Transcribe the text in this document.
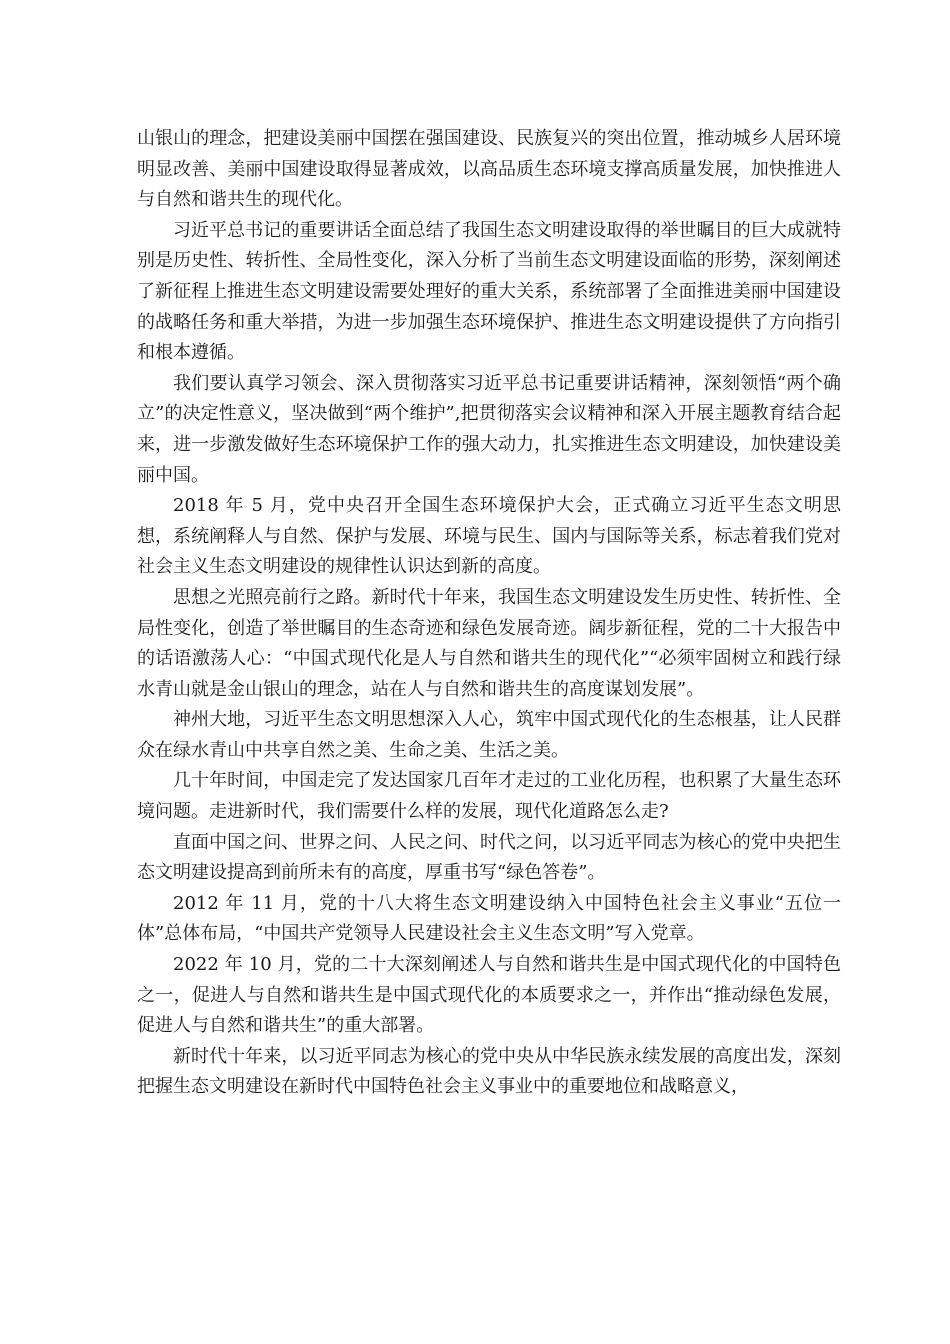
山银山的理念，把建设美丽中国摆在强国建设、民族复兴的突出位置，推动城乡人居环境明显改善、美丽中国建设取得显著成效，以高品质生态环境支撑高质量发展，加快推进人与自然和谐共生的现代化。

习近平总书记的重要讲话全面总结了我国生态文明建设取得的举世瞩目的巨大成就特别是历史性、转折性、全局性变化，深入分析了当前生态文明建设面临的形势，深刻阐述了新征程上推进生态文明建设需要处理好的重大关系，系统部署了全面推进美丽中国建设的战略任务和重大举措，为进一步加强生态环境保护、推进生态文明建设提供了方向指引和根本遵循。

我们要认真学习领会、深入贯彻落实习近平总书记重要讲话精神，深刻领悟“两个确立”的决定性意义，坚决做到“两个维护”,把贯彻落实会议精神和深入开展主题教育结合起来，进一步激发做好生态环境保护工作的强大动力，扎实推进生态文明建设，加快建设美丽中国。

2018 年 5 月，党中央召开全国生态环境保护大会，正式确立习近平生态文明思想，系统阐释人与自然、保护与发展、环境与民生、国内与国际等关系，标志着我们党对社会主义生态文明建设的规律性认识达到新的高度。

思想之光照亮前行之路。新时代十年来，我国生态文明建设发生历史性、转折性、全局性变化，创造了举世瞩目的生态奇迹和绿色发展奇迹。阔步新征程，党的二十大报告中的话语激荡人心：“中国式现代化是人与自然和谐共生的现代化”“必须牢固树立和践行绿水青山就是金山银山的理念，站在人与自然和谐共生的高度谋划发展”。

神州大地，习近平生态文明思想深入人心，筑牢中国式现代化的生态根基，让人民群众在绿水青山中共享自然之美、生命之美、生活之美。

几十年时间，中国走完了发达国家几百年才走过的工业化历程，也积累了大量生态环境问题。走进新时代，我们需要什么样的发展，现代化道路怎么走?

直面中国之问、世界之问、人民之问、时代之问，以习近平同志为核心的党中央把生态文明建设提高到前所未有的高度，厚重书写“绿色答卷”。

2012 年 11 月，党的十八大将生态文明建设纳入中国特色社会主义事业“五位一体”总体布局，“中国共产党领导人民建设社会主义生态文明”写入党章。

2022 年 10 月，党的二十大深刻阐述人与自然和谐共生是中国式现代化的中国特色之一，促进人与自然和谐共生是中国式现代化的本质要求之一，并作出“推动绿色发展，促进人与自然和谐共生”的重大部署。

新时代十年来，以习近平同志为核心的党中央从中华民族永续发展的高度出发，深刻把握生态文明建设在新时代中国特色社会主义事业中的重要地位和战略意义，
